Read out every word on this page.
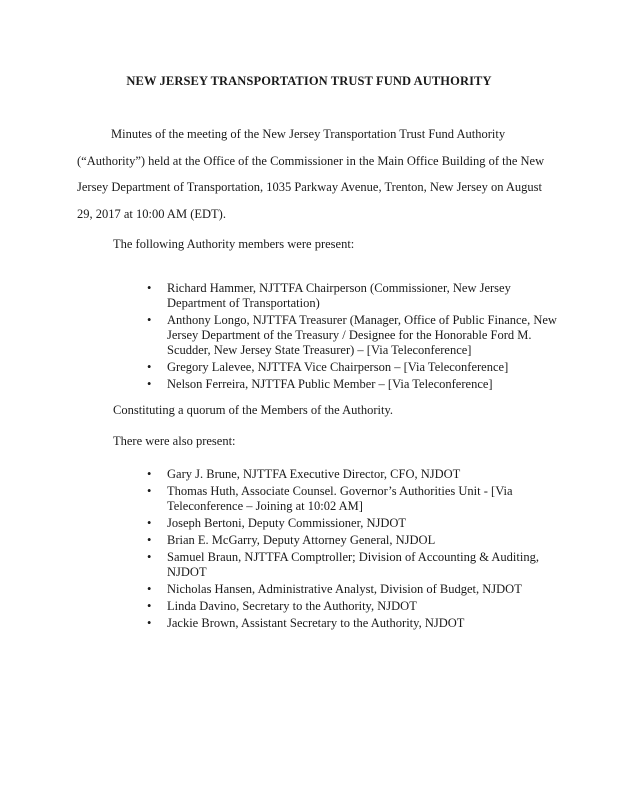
NEW JERSEY TRANSPORTATION TRUST FUND AUTHORITY

Minutes of the meeting of the New Jersey Transportation Trust Fund Authority (“Authority”) held at the Office of the Commissioner in the Main Office Building of the New Jersey Department of Transportation, 1035 Parkway Avenue, Trenton, New Jersey on August 29, 2017 at 10:00 AM (EDT).

The following Authority members were present:

• Richard Hammer, NJTTFA Chairperson (Commissioner, New Jersey Department of Transportation)
• Anthony Longo, NJTTFA Treasurer (Manager, Office of Public Finance, New Jersey Department of the Treasury / Designee for the Honorable Ford M. Scudder, New Jersey State Treasurer) – [Via Teleconference]
• Gregory Lalevee, NJTTFA Vice Chairperson – [Via Teleconference]
• Nelson Ferreira, NJTTFA Public Member – [Via Teleconference]

Constituting a quorum of the Members of the Authority.

There were also present:

• Gary J. Brune, NJTTFA Executive Director, CFO, NJDOT
• Thomas Huth, Associate Counsel. Governor’s Authorities Unit - [Via Teleconference – Joining at 10:02 AM]
• Joseph Bertoni, Deputy Commissioner, NJDOT
• Brian E. McGarry, Deputy Attorney General, NJDOL
• Samuel Braun, NJTTFA Comptroller; Division of Accounting & Auditing, NJDOT
• Nicholas Hansen, Administrative Analyst, Division of Budget, NJDOT
• Linda Davino, Secretary to the Authority, NJDOT
• Jackie Brown, Assistant Secretary to the Authority, NJDOT
